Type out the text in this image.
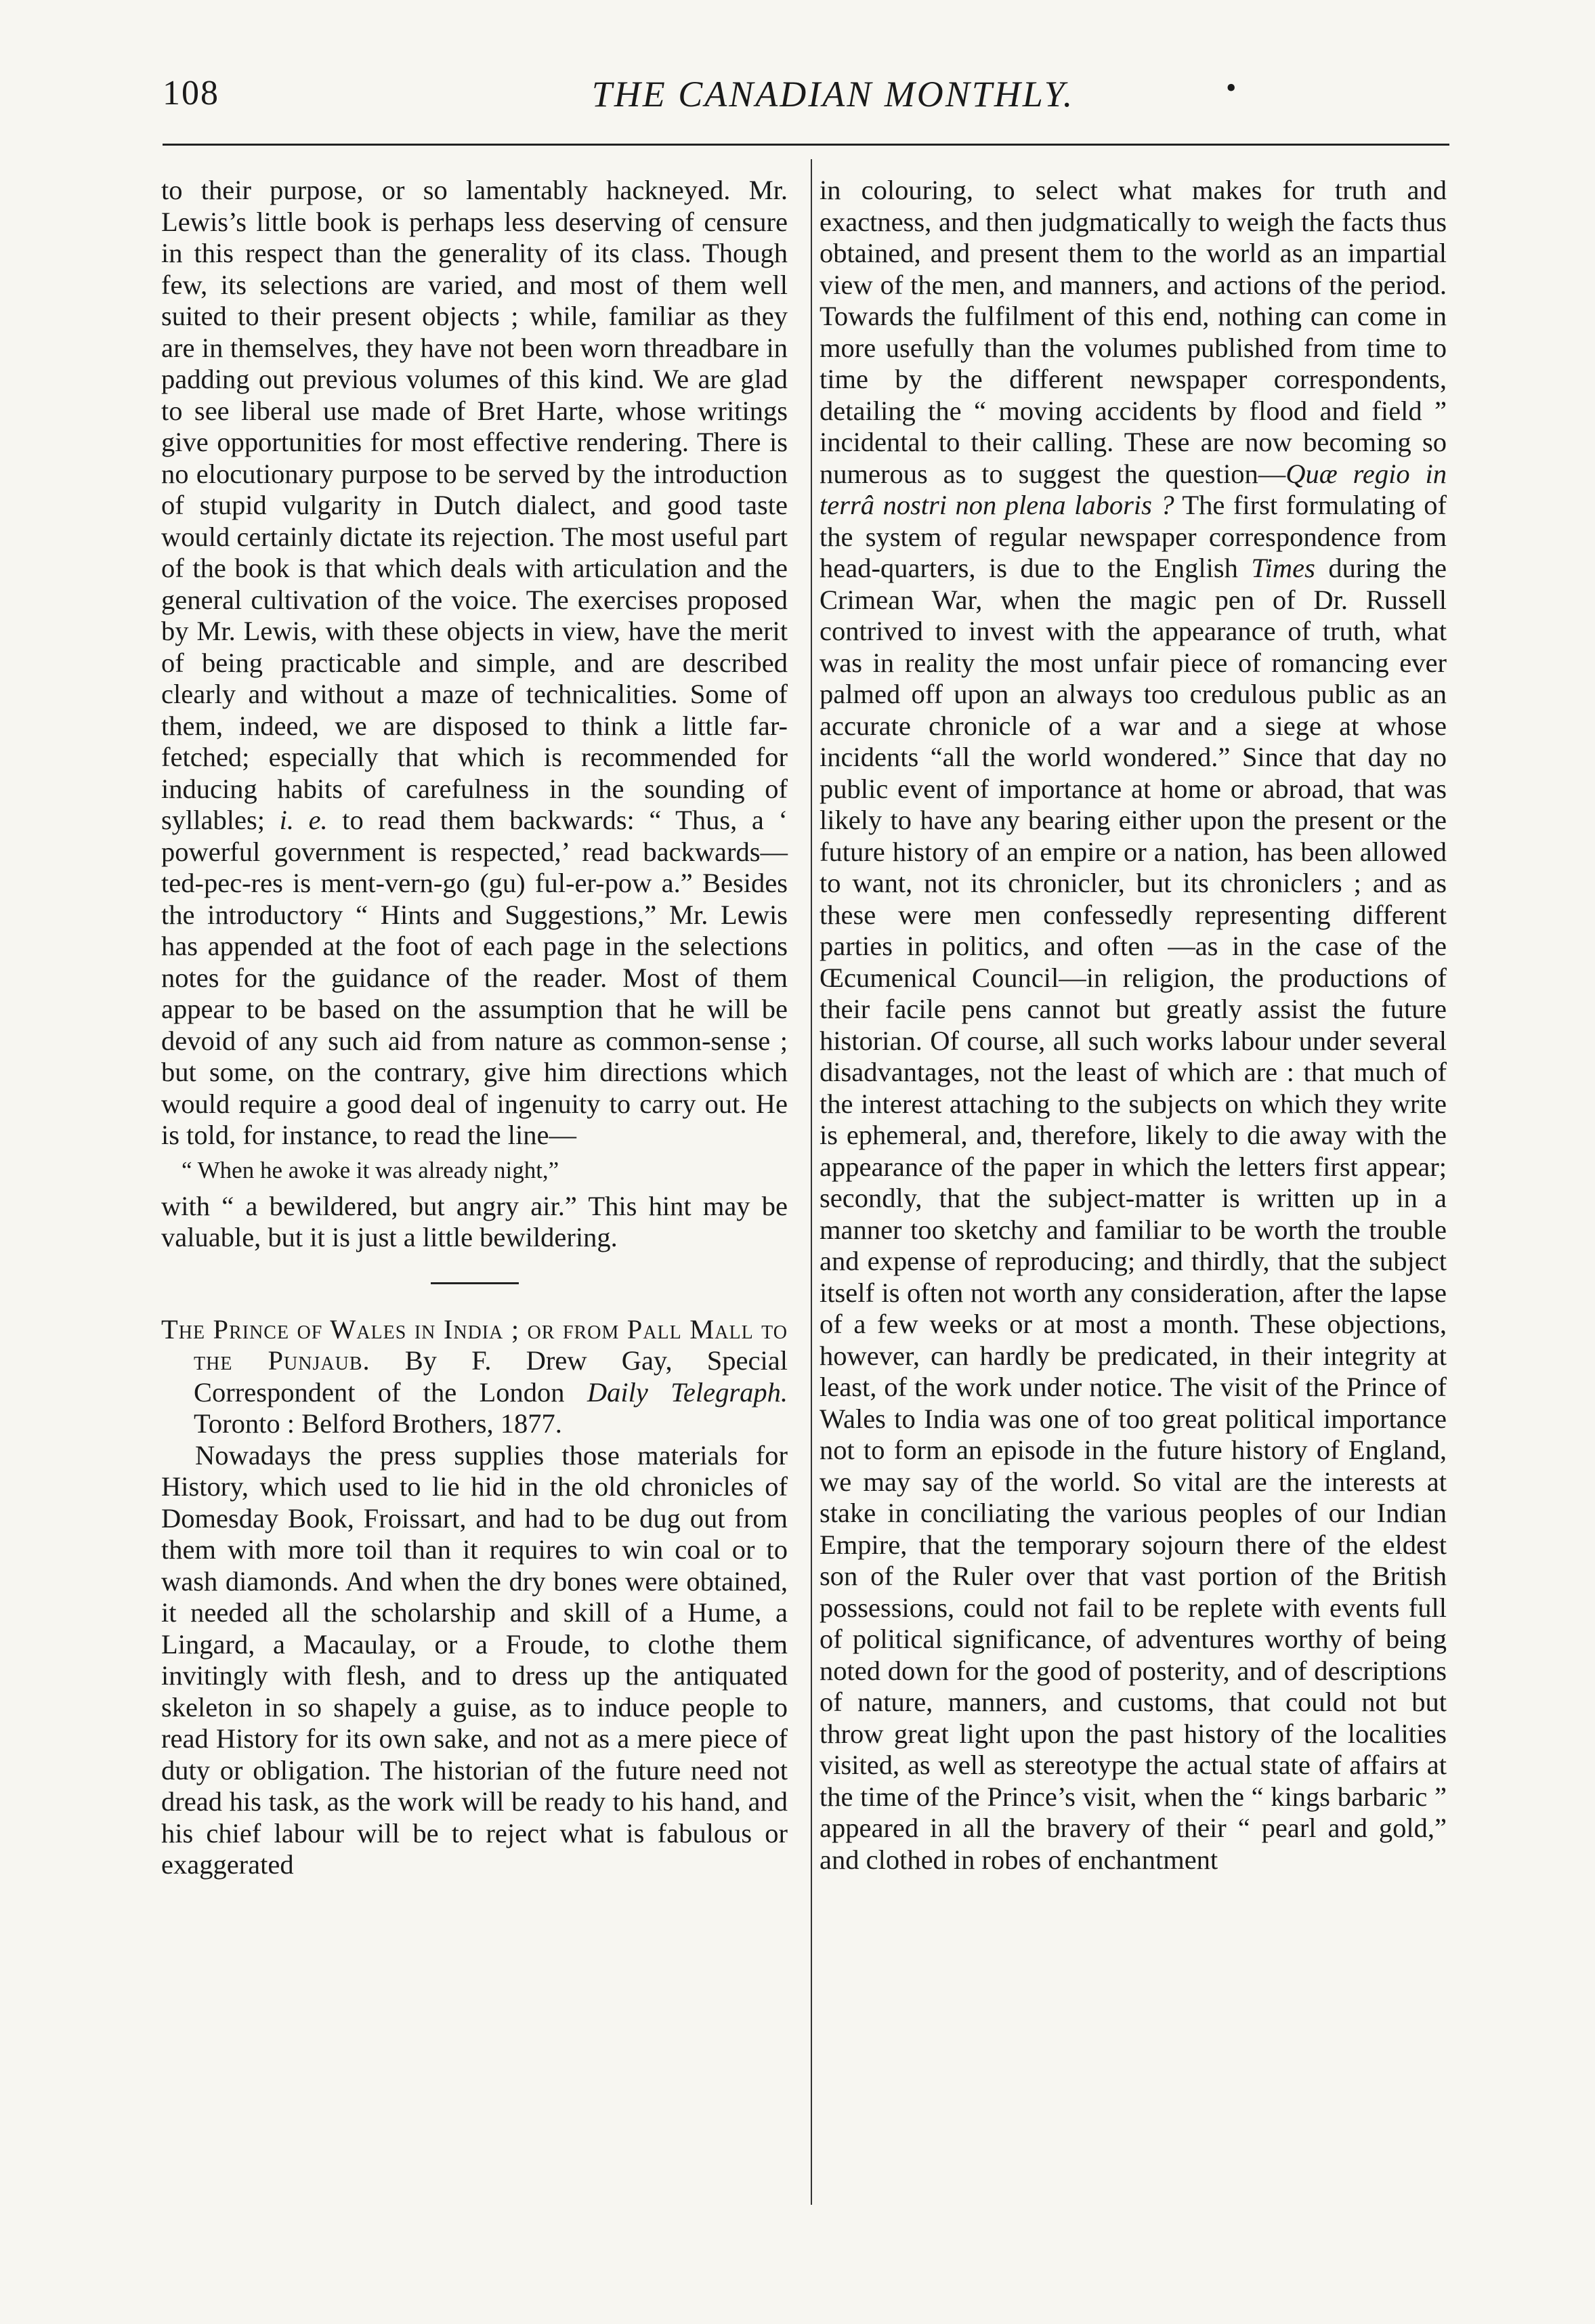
108	THE CANADIAN MONTHLY.	•

to their purpose, or so lamentably hackneyed. Mr. Lewis’s little book is perhaps less deserving of censure in this respect than the generality of its class. Though few, its selections are varied, and most of them well suited to their present objects ; while, familiar as they are in themselves, they have not been worn threadbare in padding out previous volumes of this kind. We are glad to see liberal use made of Bret Harte, whose writings give opportunities for most effective rendering. There is no elocutionary purpose to be served by the introduction of stupid vulgarity in Dutch dialect, and good taste would certainly dictate its rejection. The most useful part of the book is that which deals with articulation and the general cultivation of the voice. The exercises proposed by Mr. Lewis, with these objects in view, have the merit of being practicable and simple, and are described clearly and without a maze of technicalities. Some of them, indeed, we are disposed to think a little far-fetched; especially that which is recommended for inducing habits of carefulness in the sounding of syllables; i. e. to read them backwards: “ Thus, a ‘ powerful government is respected,’ read backwards—ted-pec-res is ment-vern-go (gu) ful-er-pow a.” Besides the introductory “ Hints and Suggestions,” Mr. Lewis has appended at the foot of each page in the selections notes for the guidance of the reader. Most of them appear to be based on the assumption that he will be devoid of any such aid from nature as common-sense ; but some, on the contrary, give him directions which would require a good deal of ingenuity to carry out. He is told, for instance, to read the line—

“ When he awoke it was already night,”

with “ a bewildered, but angry air.” This hint may be valuable, but it is just a little bewildering.

The Prince of Wales in India ; or from Pall Mall to the Punjaub. By F. Drew Gay, Special Correspondent of the London Daily Telegraph. Toronto : Belford Brothers, 1877.

Nowadays the press supplies those materials for History, which used to lie hid in the old chronicles of Domesday Book, Froissart, and had to be dug out from them with more toil than it requires to win coal or to wash diamonds. And when the dry bones were obtained, it needed all the scholarship and skill of a Hume, a Lingard, a Macaulay, or a Froude, to clothe them invitingly with flesh, and to dress up the antiquated skeleton in so shapely a guise, as to induce people to read History for its own sake, and not as a mere piece of duty or obligation. The historian of the future need not dread his task, as the work will be ready to his hand, and his chief labour will be to reject what is fabulous or exaggerated

in colouring, to select what makes for truth and exactness, and then judgmatically to weigh the facts thus obtained, and present them to the world as an impartial view of the men, and manners, and actions of the period. Towards the fulfilment of this end, nothing can come in more usefully than the volumes published from time to time by the different newspaper correspondents, detailing the “ moving accidents by flood and field ” incidental to their calling. These are now becoming so numerous as to suggest the question—Quæ regio in terrâ nostri non plena laboris ? The first formulating of the system of regular newspaper correspondence from head-quarters, is due to the English Times during the Crimean War, when the magic pen of Dr. Russell contrived to invest with the appearance of truth, what was in reality the most unfair piece of romancing ever palmed off upon an always too credulous public as an accurate chronicle of a war and a siege at whose incidents “all the world wondered.” Since that day no public event of importance at home or abroad, that was likely to have any bearing either upon the present or the future history of an empire or a nation, has been allowed to want, not its chronicler, but its chroniclers ; and as these were men confessedly representing different parties in politics, and often —as in the case of the Œcumenical Council—in religion, the productions of their facile pens cannot but greatly assist the future historian. Of course, all such works labour under several disadvantages, not the least of which are : that much of the interest attaching to the subjects on which they write is ephemeral, and, therefore, likely to die away with the appearance of the paper in which the letters first appear; secondly, that the subject-matter is written up in a manner too sketchy and familiar to be worth the trouble and expense of reproducing; and thirdly, that the subject itself is often not worth any consideration, after the lapse of a few weeks or at most a month. These objections, however, can hardly be predicated, in their integrity at least, of the work under notice. The visit of the Prince of Wales to India was one of too great political importance not to form an episode in the future history of England, we may say of the world. So vital are the interests at stake in conciliating the various peoples of our Indian Empire, that the temporary sojourn there of the eldest son of the Ruler over that vast portion of the British possessions, could not fail to be replete with events full of political significance, of adventures worthy of being noted down for the good of posterity, and of descriptions of nature, manners, and customs, that could not but throw great light upon the past history of the localities visited, as well as stereotype the actual state of affairs at the time of the Prince’s visit, when the “ kings barbaric ” appeared in all the bravery of their “ pearl and gold,” and clothed in robes of enchantment
